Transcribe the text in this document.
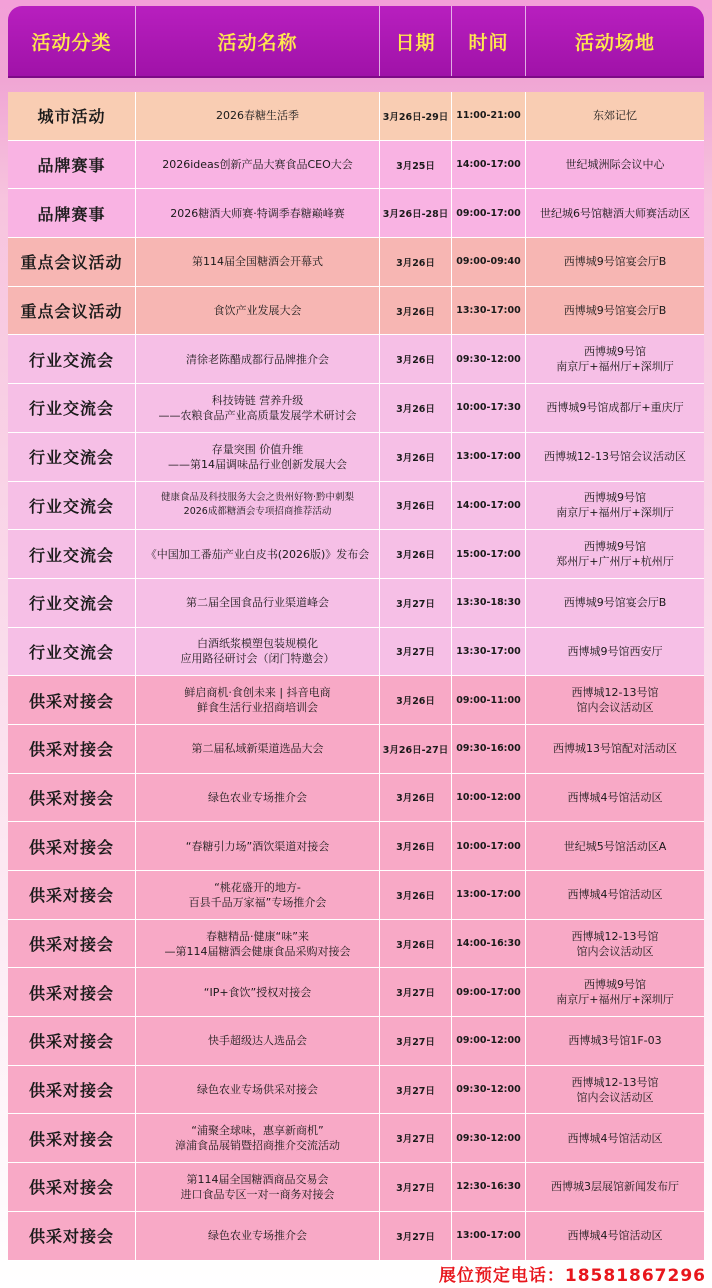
活动分类	活动名称	日期	时间	活动场地
城市活动	2026春糖生活季	3月26日-29日 11:00-21:00	东郊记忆
品牌赛事	2026ideas创新产品大赛食品CEO大会	3月25日	14:00-17:00	世纪城洲际会议中心
品牌赛事	2026糖酒大师赛·特调季春糖巅峰赛	3月26日-28日 09:00-17:00	世纪城6号馆糖酒大师赛活动区
重点会议活动	第114届全国糖酒会开幕式	3月26日	09:00-09:40	西博城9号馆宴会厅B
重点会议活动	食饮产业发展大会	3月26日	13:30-17:00	西博城9号馆宴会厅B
行业交流会	清徐老陈醋成都行品牌推介会	3月26日	09:30-12:00
西博城9号馆
南京厅+福州厅+深圳厅
行业交流会	科技铸链 营养升级
——农粮食品产业高质量发展学术研讨会	3月26日	10:00-17:30	西博城9号馆成都厅+重庆厅
行业交流会	存量突围 价值升维
——第14届调味品行业创新发展大会	3月26日	13:00-17:00	西博城12-13号馆会议活动区
行业交流会	健康食品及科技服务大会之贵州好物·黔中刺梨
2026成都糖酒会专项招商推荐活动	3月26日	14:00-17:00
西博城9号馆
南京厅+福州厅+深圳厅
行业交流会	《中国加工番茄产业白皮书(2026版)》发布会	3月26日	15:00-17:00
西博城9号馆
郑州厅+广州厅+杭州厅
行业交流会	第二届全国食品行业渠道峰会	3月27日	13:30-18:30	西博城9号馆宴会厅B
行业交流会	白酒纸浆模塑包装规模化
应用路径研讨会（闭门特邀会）	3月27日	13:30-17:00	西博城9号馆西安厅
供采对接会	鲜启商机·食创未来 | 抖音电商
鲜食生活行业招商培训会	3月26日	09:00-11:00
西博城12-13号馆
馆内会议活动区
供采对接会	第二届私域新渠道选品大会	3月26日-27日 09:30-16:00	西博城13号馆配对活动区
供采对接会	绿色农业专场推介会	3月26日	10:00-12:00	西博城4号馆活动区
供采对接会	“春糖引力场”酒饮渠道对接会	3月26日	10:00-17:00	世纪城5号馆活动区A
供采对接会	“桃花盛开的地方-
百县千品万家福”专场推介会	3月26日	13:00-17:00	西博城4号馆活动区
供采对接会	春糖精品·健康“味”来
—第114届糖酒会健康食品采购对接会	3月26日	14:00-16:30
西博城12-13号馆
馆内会议活动区
供采对接会	“IP+食饮”授权对接会	3月27日	09:00-17:00
西博城9号馆
南京厅+福州厅+深圳厅
供采对接会	快手超级达人选品会	3月27日	09:00-12:00	西博城3号馆1F-03
供采对接会	绿色农业专场供采对接会	3月27日	09:30-12:00
西博城12-13号馆
馆内会议活动区
供采对接会	“浦聚全球味，惠享新商机”
漳浦食品展销暨招商推介交流活动	3月27日	09:30-12:00	西博城4号馆活动区
供采对接会	第114届全国糖酒商品交易会
进口食品专区一对一商务对接会	3月27日	12:30-16:30	西博城3层展馆新闻发布厅
供采对接会	绿色农业专场推介会	3月27日	13:00-17:00	西博城4号馆活动区
展位预定电话：18581867296
